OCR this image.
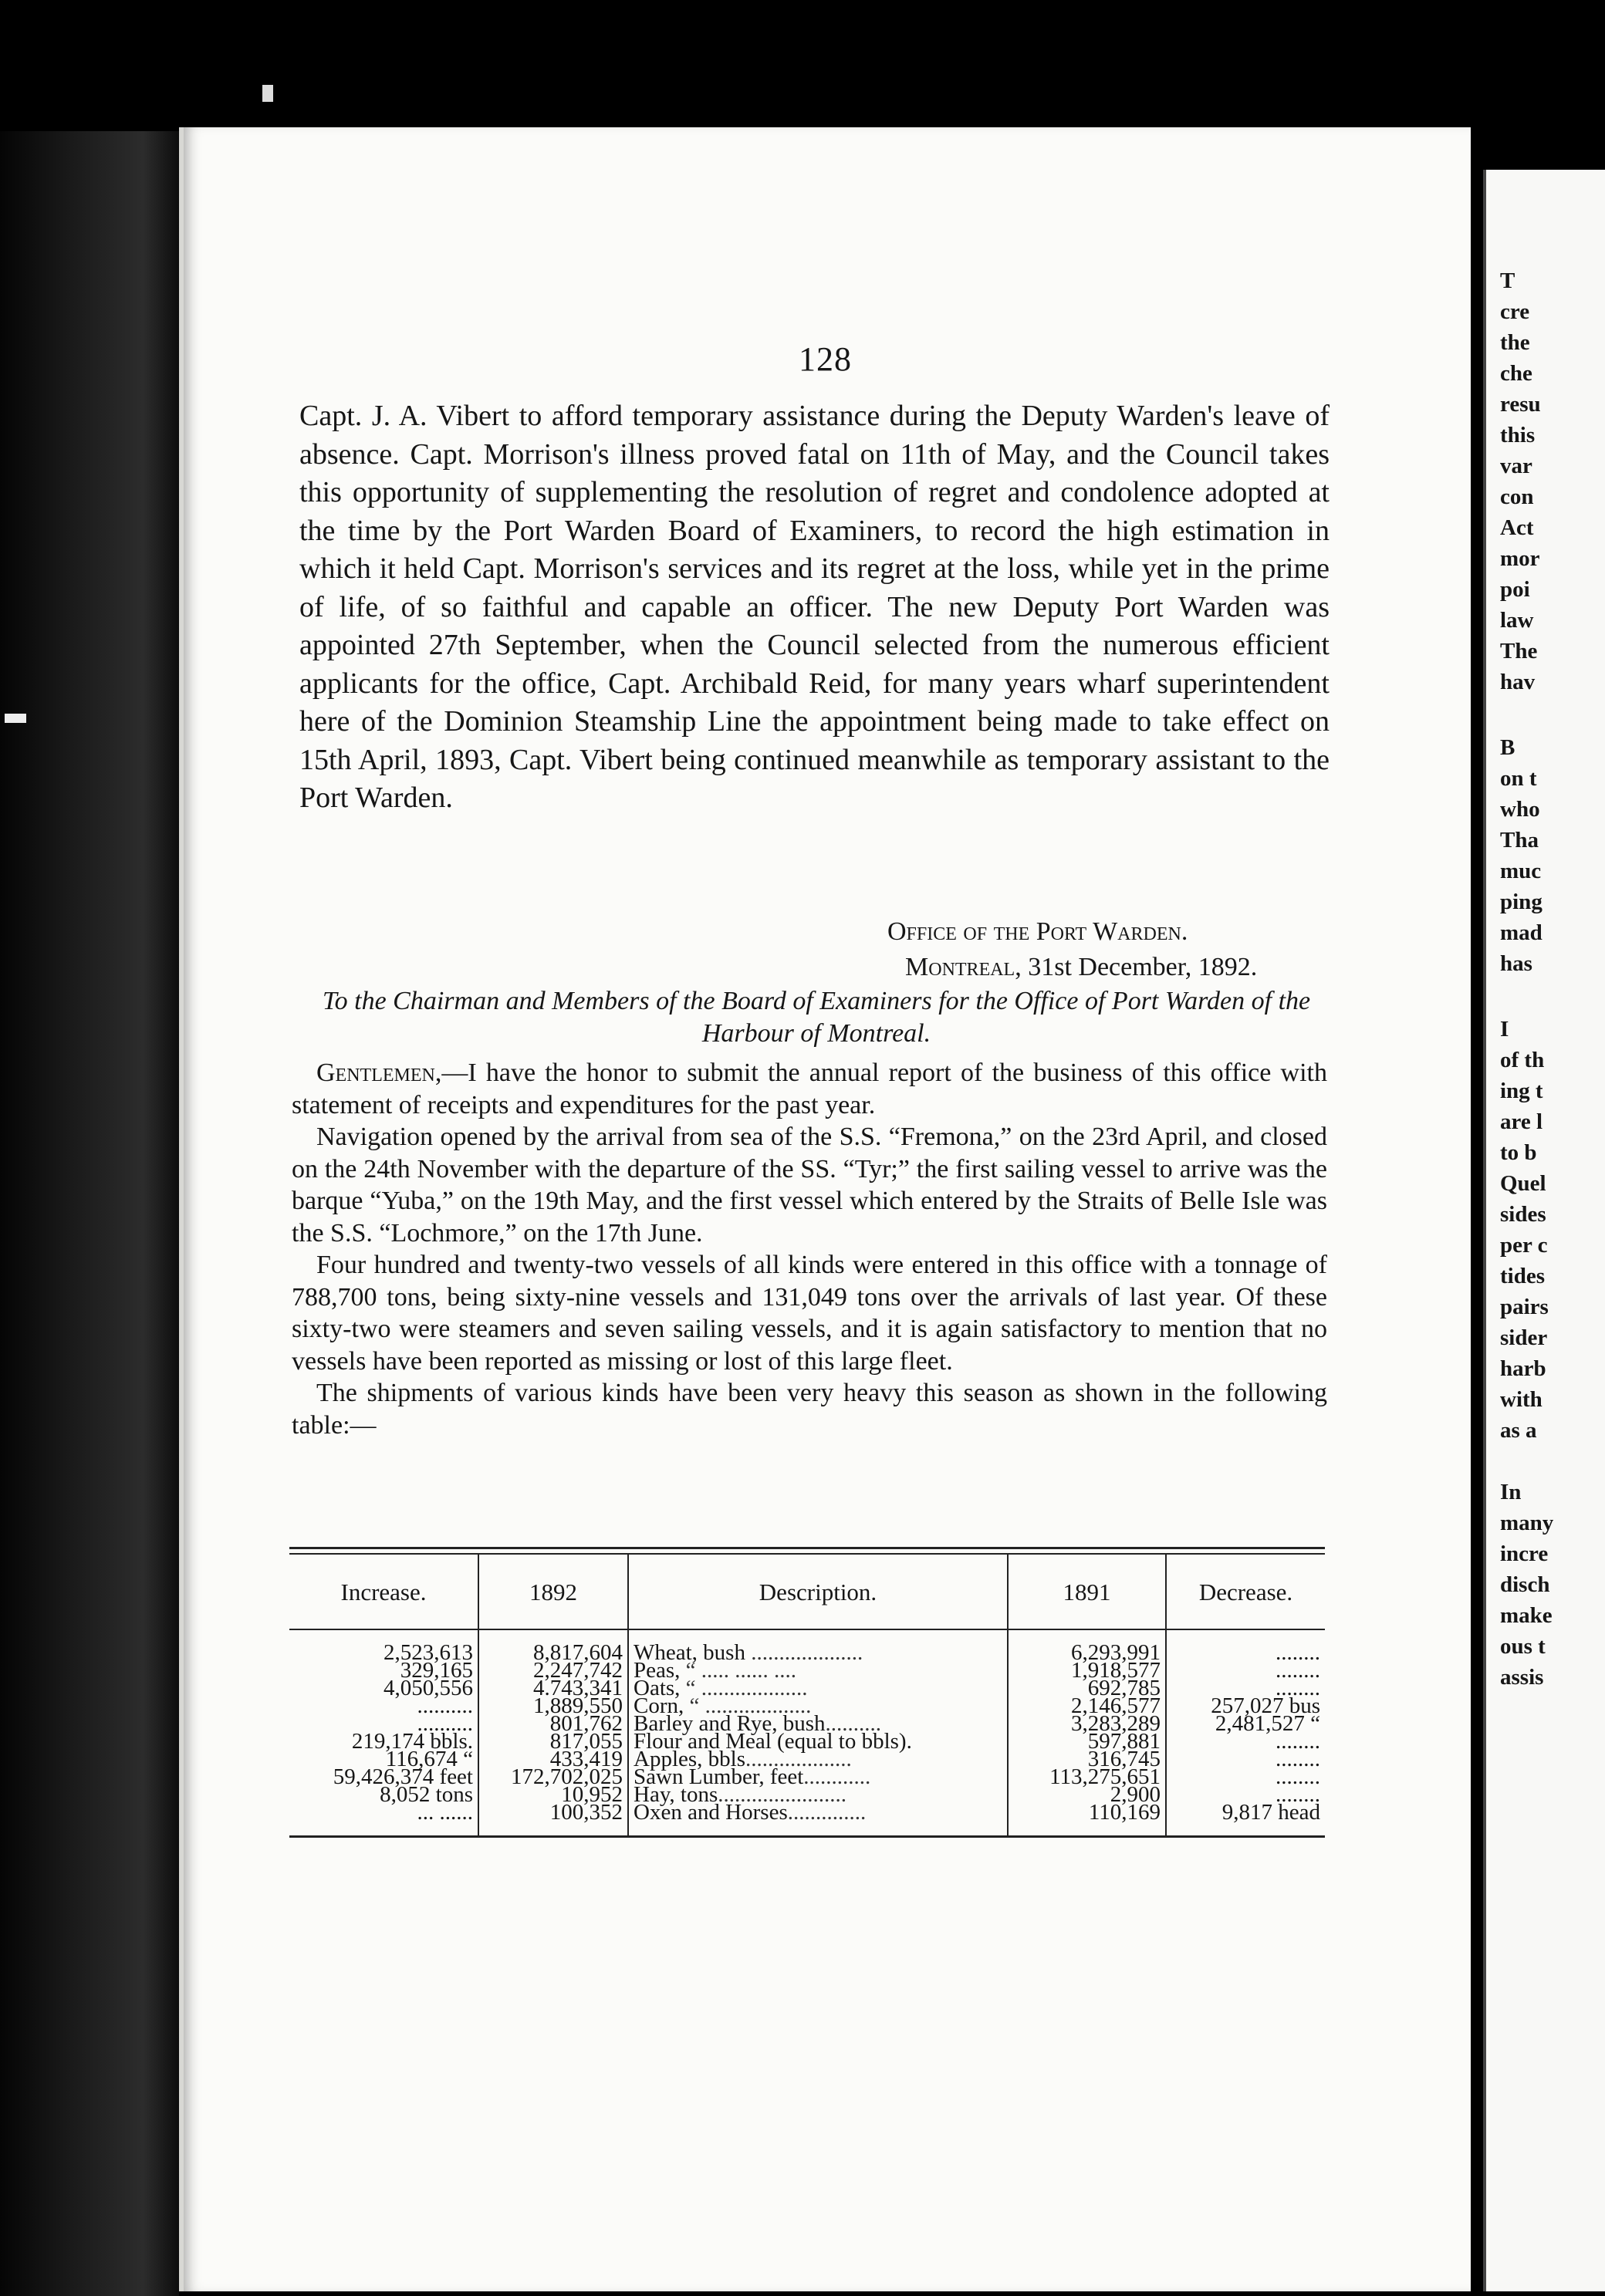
T
cre
the
che
resu
this
var
con
Act
mor
poi
law
The
hav
B
on t
who
Tha
muc
ping
mad
has
I
of th
ing t
are l
to b
Quel
sides
per c
tides
pairs
sider
harb
with
as a
In
many
incre
disch
make
ous t
assis
128

Capt. J. A. Vibert to afford temporary assistance during the Deputy Warden's leave of absence. Capt. Morrison's illness proved fatal on 11th of May, and the Council takes this opportunity of supplementing the resolution of regret and condolence adopted at the time by the Port Warden Board of Examiners, to record the high estimation in which it held Capt. Morrison's services and its regret at the loss, while yet in the prime of life, of so faithful and capable an officer. The new Deputy Port Warden was appointed 27th September, when the Council selected from the numerous efficient applicants for the office, Capt. Archibald Reid, for many years wharf superintendent here of the Dominion Steamship Line the appointment being made to take effect on 15th April, 1893, Capt. Vibert being continued meanwhile as temporary assistant to the Port Warden.

Office of the Port Warden.
Montreal, 31st December, 1892.
To the Chairman and Members of the Board of Examiners for the Office of Port Warden of the Harbour of Montreal.

Gentlemen,—I have the honor to submit the annual report of the business of this office with statement of receipts and expenditures for the past year.

Navigation opened by the arrival from sea of the S.S. “Fremona,” on the 23rd April, and closed on the 24th November with the departure of the SS. “Tyr;” the first sailing vessel to arrive was the barque “Yuba,” on the 19th May, and the first vessel which entered by the Straits of Belle Isle was the S.S. “Lochmore,” on the 17th June.

Four hundred and twenty-two vessels of all kinds were entered in this office with a tonnage of 788,700 tons, being sixty-nine vessels and 131,049 tons over the arrivals of last year. Of these sixty-two were steamers and seven sailing vessels, and it is again satisfactory to mention that no vessels have been reported as missing or lost of this large fleet.

The shipments of various kinds have been very heavy this season as shown in the following table:—

Increase.	1892	Description.	1891	Decrease.
2,523,613	8,817,604	Wheat, bush ....................	6,293,991	........
329,165	2,247,742	Peas, “ ..... ...... ....	1,918,577	........
4,050,556	4.743,341	Oats, “ ...................	692,785	........
..........	1,889,550	Corn, “ ...................	2,146,577	257,027 bus
..........	801,762	Barley and Rye, bush..........	3,283,289	2,481,527 “
219,174 bbls.	817,055	Flour and Meal (equal to bbls).	597,881	........
116,674 “	433,419	Apples, bbls...................	316,745	........
59,426,374 feet	172,702,025	Sawn Lumber, feet............	113,275,651	........
8,052 tons	10,952	Hay, tons.......................	2,900	........
... ......	100,352	Oxen and Horses..............	110,169	9,817 head
